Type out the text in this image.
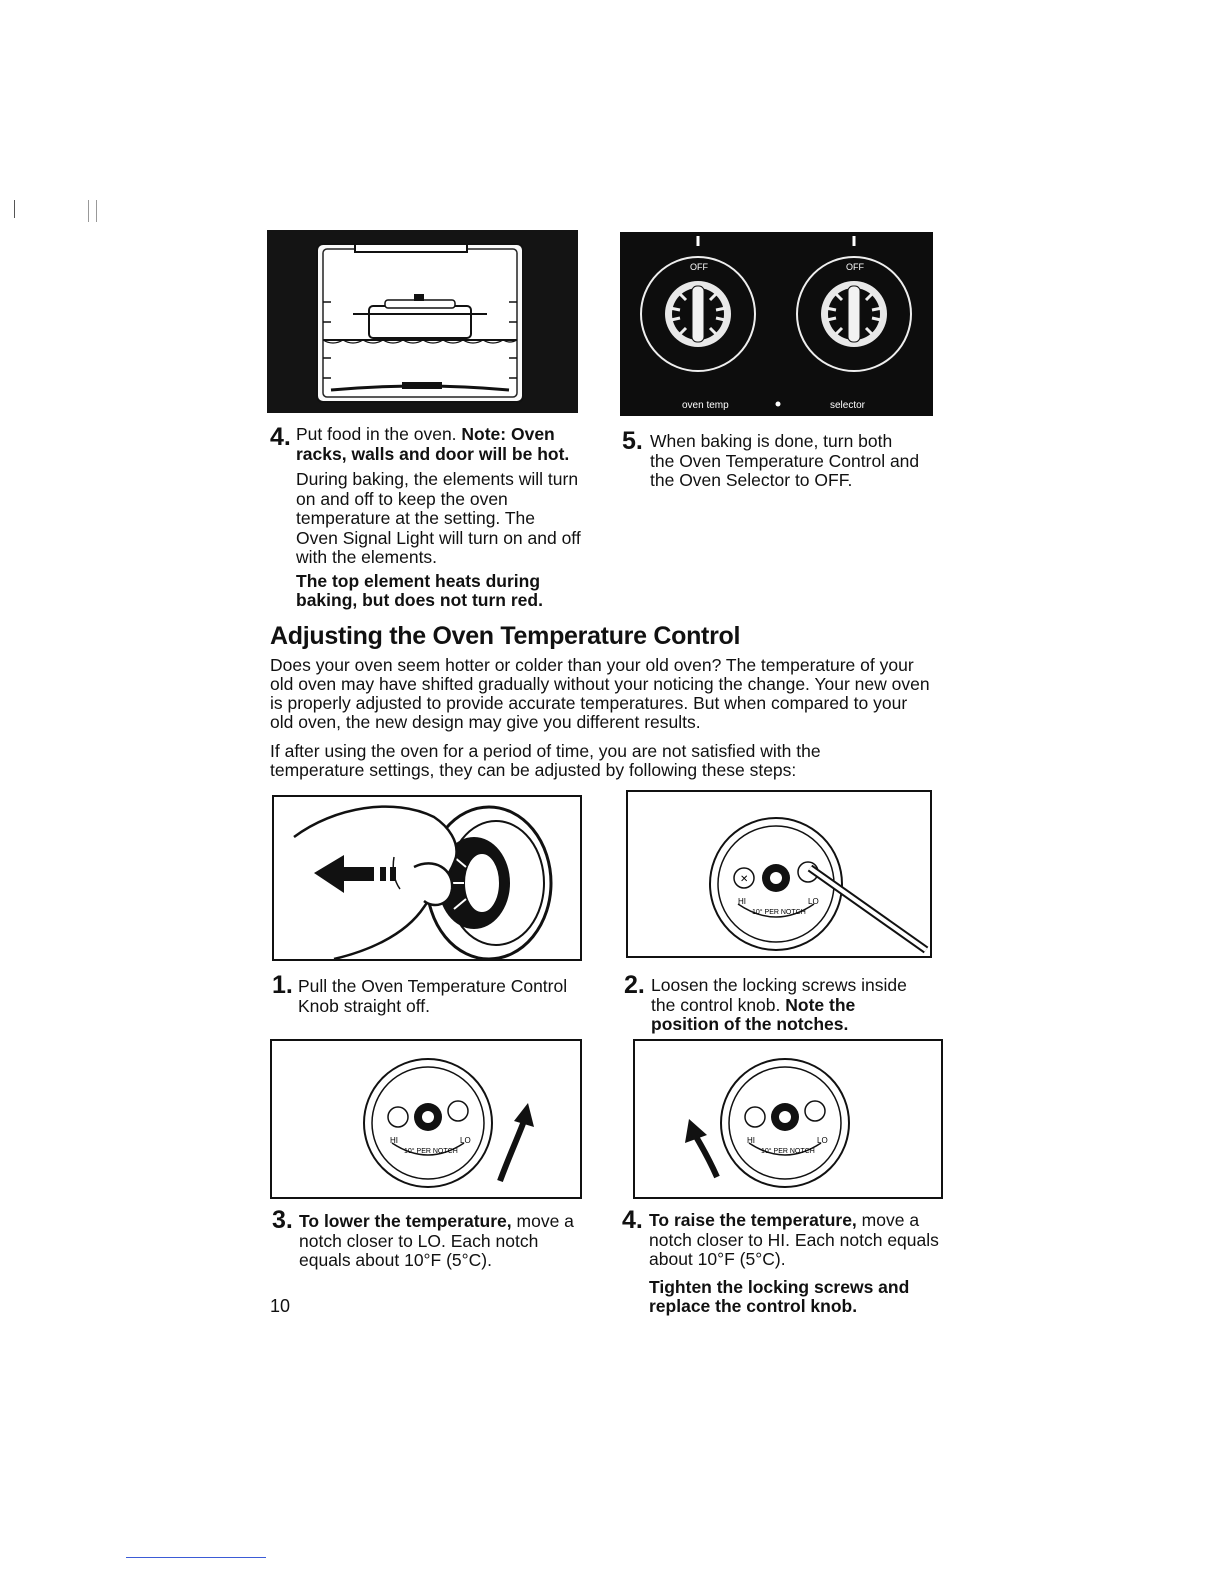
OFF	OFF
oven temp	selector
4. Put food in the oven. Note: Oven racks, walls and door will be hot.

During baking, the elements will turn on and off to keep the oven temperature at the setting. The Oven Signal Light will turn on and off with the elements.

The top element heats during baking, but does not turn red.

5. When baking is done, turn both the Oven Temperature Control and the Oven Selector to OFF.
Adjusting the Oven Temperature Control
Does your oven seem hotter or colder than your old oven? The temperature of your old oven may have shifted gradually without your noticing the change. Your new oven is properly adjusted to provide accurate temperatures. But when compared to your old oven, the new design may give you different results.
If after using the oven for a period of time, you are not satisfied with the temperature settings, they can be adjusted by following these steps:
✕
10° PER NOTCH
HI	LO
1. Pull the Oven Temperature Control Knob straight off.
2. Loosen the locking screws inside the control knob. Note the position of the notches.
10° PER NOTCH
HI	LO
10° PER NOTCH
HI	LO
3. To lower the temperature, move a notch closer to LO. Each notch equals about 10°F (5°C).
4. To raise the temperature, move a notch closer to HI. Each notch equals about 10°F (5°C).

Tighten the locking screws and replace the control knob.

10
